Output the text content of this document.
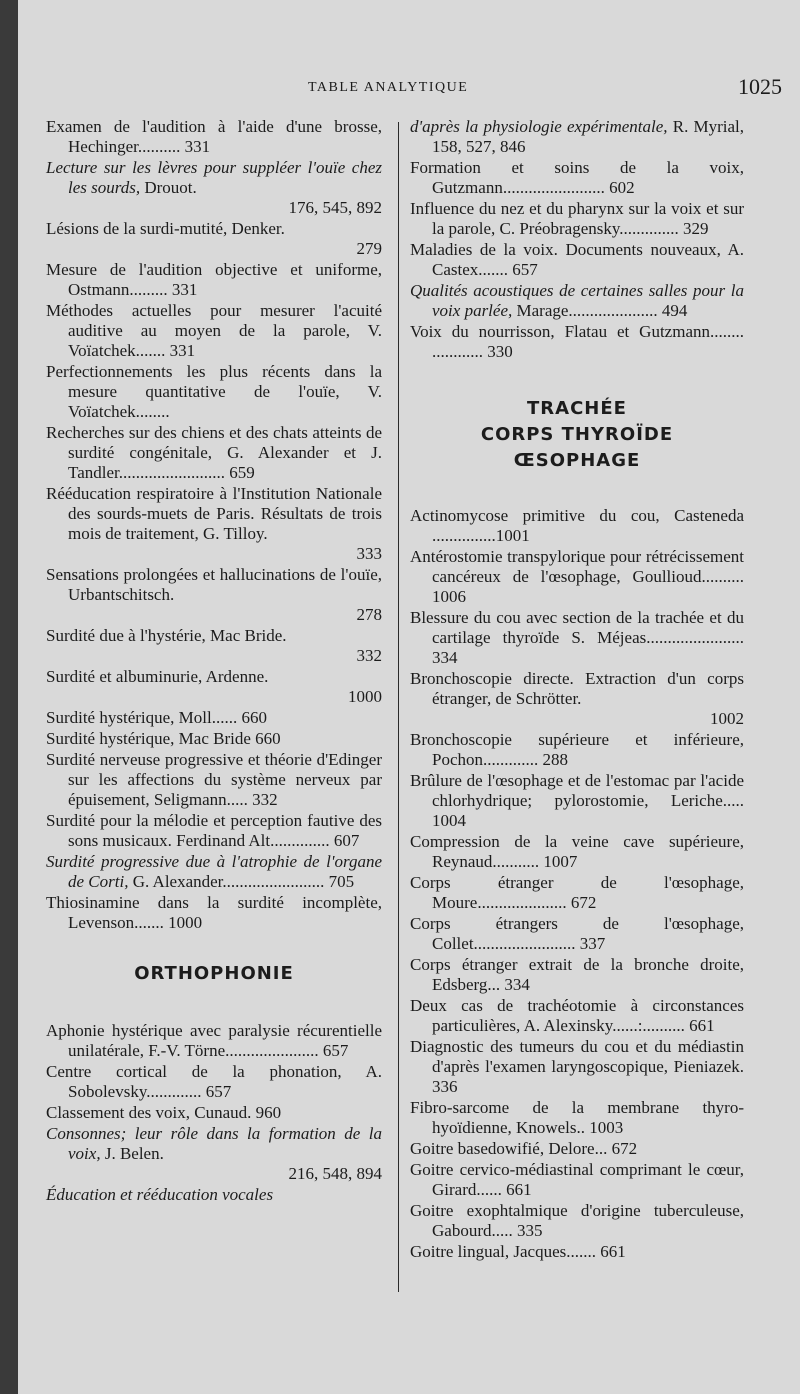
TABLE ANALYTIQUE	1025

Examen de l'audition à l'aide d'une brosse, Hechinger.......... 331

Lecture sur les lèvres pour suppléer l'ouïe chez les sourds, Drouot.
176, 545, 892

Lésions de la surdi-mutité, Denker.
279

Mesure de l'audition objective et uniforme, Ostmann......... 331

Méthodes actuelles pour mesurer l'acuité auditive au moyen de la parole, V. Voïatchek....... 331

Perfectionnements les plus récents dans la mesure quantitative de l'ouïe, V. Voïatchek........

Recherches sur des chiens et des chats atteints de surdité congénitale, G. Alexander et J. Tandler......................... 659

Rééducation respiratoire à l'Institution Nationale des sourds-muets de Paris. Résultats de trois mois de traitement, G. Tilloy.
333

Sensations prolongées et hallucinations de l'ouïe, Urbantschitsch.
278

Surdité due à l'hystérie, Mac Bride.
332

Surdité et albuminurie, Ardenne.
1000

Surdité hystérique, Moll...... 660

Surdité hystérique, Mac Bride 660

Surdité nerveuse progressive et théorie d'Edinger sur les affections du système nerveux par épuisement, Seligmann..... 332

Surdité pour la mélodie et perception fautive des sons musicaux. Ferdinand Alt.............. 607

Surdité progressive due à l'atrophie de l'organe de Corti, G. Alexander........................ 705

Thiosinamine dans la surdité incomplète, Levenson....... 1000

ORTHOPHONIE

Aphonie hystérique avec paralysie récurentielle unilatérale, F.-V. Törne...................... 657

Centre cortical de la phonation, A. Sobolevsky............. 657

Classement des voix, Cunaud. 960

Consonnes; leur rôle dans la formation de la voix, J. Belen.
216, 548, 894

Éducation et rééducation vocales

d'après la physiologie expérimentale, R. Myrial, 158, 527, 846

Formation et soins de la voix, Gutzmann........................ 602

Influence du nez et du pharynx sur la voix et sur la parole, C. Préobragensky.............. 329

Maladies de la voix. Documents nouveaux, A. Castex....... 657

Qualités acoustiques de certaines salles pour la voix parlée, Marage..................... 494

Voix du nourrisson, Flatau et Gutzmann........ ............ 330

TRACHÉE
CORPS THYROÏDE
ŒSOPHAGE

Actinomycose primitive du cou, Casteneda ...............1001

Antérostomie transpylorique pour rétrécissement cancéreux de l'œsophage, Goullioud.......... 1006

Blessure du cou avec section de la trachée et du cartilage thyroïde S. Méjeas....................... 334

Bronchoscopie directe. Extraction d'un corps étranger, de Schrötter.
1002

Bronchoscopie supérieure et inférieure, Pochon............. 288

Brûlure de l'œsophage et de l'estomac par l'acide chlorhydrique; pylorostomie, Leriche..... 1004

Compression de la veine cave supérieure, Reynaud........... 1007

Corps étranger de l'œsophage, Moure..................... 672

Corps étrangers de l'œsophage, Collet........................ 337

Corps étranger extrait de la bronche droite, Edsberg... 334

Deux cas de trachéotomie à circonstances particulières, A. Alexinsky......:.......... 661

Diagnostic des tumeurs du cou et du médiastin d'après l'examen laryngoscopique, Pieniazek. 336

Fibro-sarcome de la membrane thyro-hyoïdienne, Knowels.. 1003

Goitre basedowifié, Delore... 672

Goitre cervico-médiastinal comprimant le cœur, Girard...... 661

Goitre exophtalmique d'origine tuberculeuse, Gabourd..... 335

Goitre lingual, Jacques....... 661
